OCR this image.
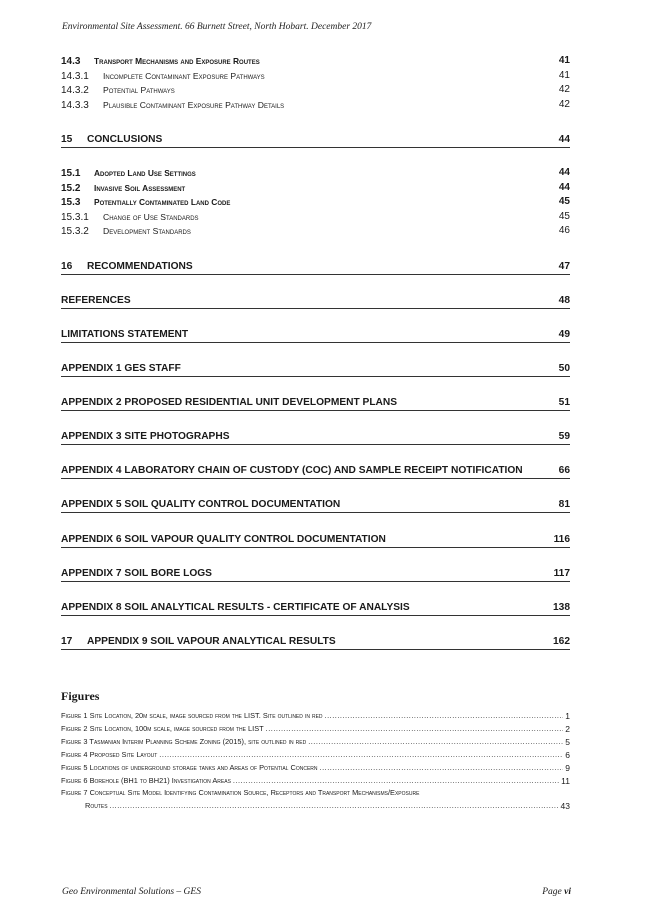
Environmental Site Assessment. 66 Burnett Street, North Hobart. December 2017
14.3 Transport Mechanisms and Exposure Routes	41
14.3.1 Incomplete Contaminant Exposure Pathways	41
14.3.2 Potential Pathways	42
14.3.3 Plausible Contaminant Exposure Pathway Details	42
15 CONCLUSIONS	44
15.1 Adopted Land Use Settings	44
15.2 Invasive Soil Assessment	44
15.3 Potentially Contaminated Land Code	45
15.3.1 Change of Use Standards	45
15.3.2 Development Standards	46
16 RECOMMENDATIONS	47
REFERENCES	48
LIMITATIONS STATEMENT	49
APPENDIX 1 GES STAFF	50
APPENDIX 2 PROPOSED RESIDENTIAL UNIT DEVELOPMENT PLANS	51
APPENDIX 3 SITE PHOTOGRAPHS	59
APPENDIX 4 LABORATORY CHAIN OF CUSTODY (COC) AND SAMPLE RECEIPT NOTIFICATION	66
APPENDIX 5 SOIL QUALITY CONTROL DOCUMENTATION	81
APPENDIX 6 SOIL VAPOUR QUALITY CONTROL DOCUMENTATION	116
APPENDIX 7 SOIL BORE LOGS	117
APPENDIX 8 SOIL ANALYTICAL RESULTS - CERTIFICATE OF ANALYSIS	138
17 APPENDIX 9 SOIL VAPOUR ANALYTICAL RESULTS	162
Figures
Figure 1 Site Location, 20m scale, image sourced from the LIST. Site outlined in red .....	1
Figure 2 Site Location, 100m scale, image sourced from the LIST .....	2
Figure 3 Tasmanian Interim Planning Scheme Zoning (2015), site outlined in red .....	5
Figure 4 Proposed Site Layout .....	6
Figure 5 Locations of underground storage tanks and Areas of Potential Concern .....	9
Figure 6 Borehole (BH1 to BH21) Investigation Areas .....	11
Figure 7 Conceptual Site Model Identifying Contamination Source, Receptors and Transport Mechanisms/Exposure
Routes .....	43
Geo Environmental Solutions – GES	Page vi
